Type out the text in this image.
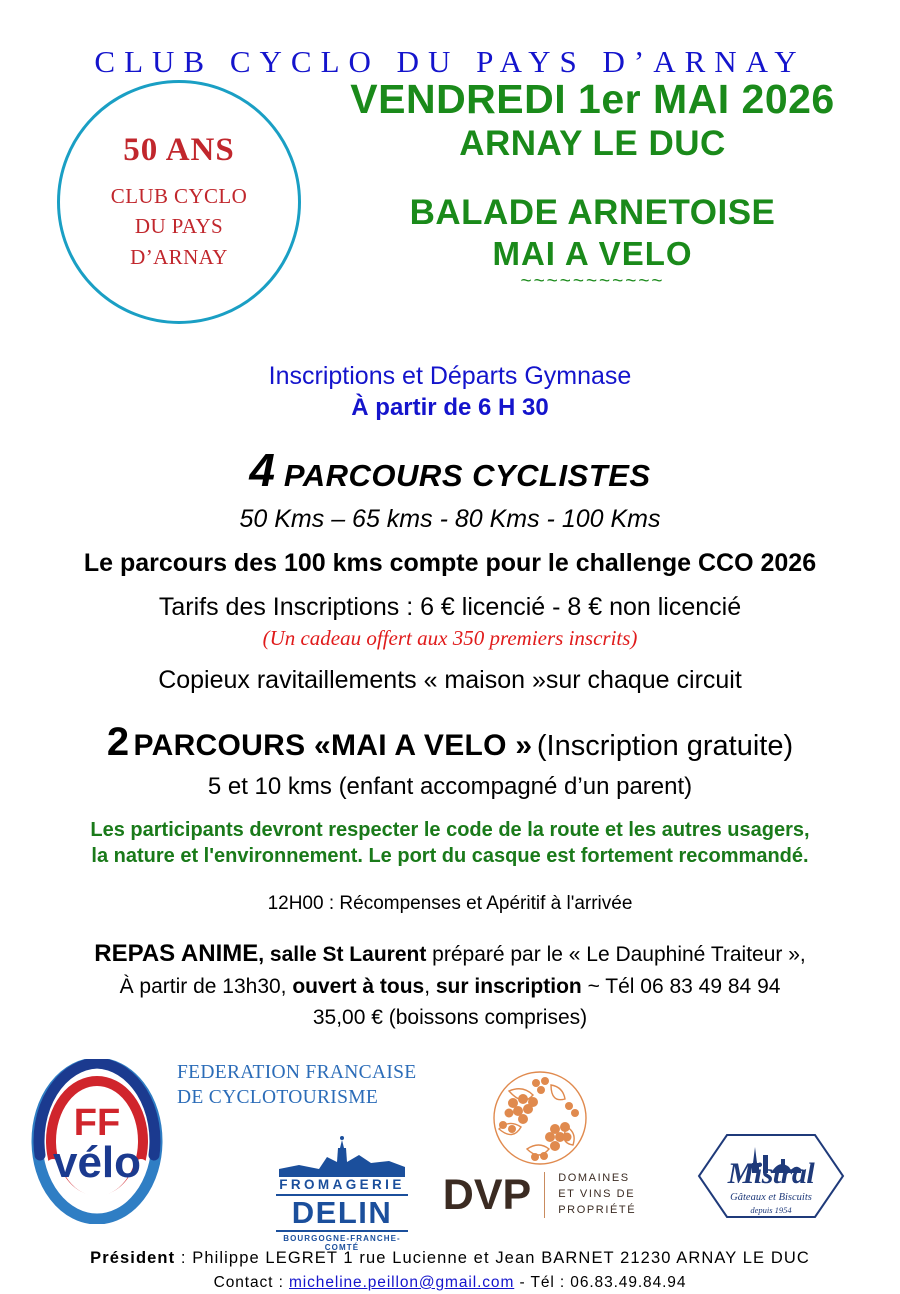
CLUB CYCLO DU PAYS D’ARNAY
50 ANS
CLUB CYCLO
DU PAYS
D’ARNAY
VENDREDI 1er MAI 2026
ARNAY LE DUC
BALADE ARNETOISE
MAI A VELO
~~~~~~~~~~~
Inscriptions et Départs Gymnase
À partir de 6 H 30
4 PARCOURS CYCLISTES
50 Kms – 65 kms - 80 Kms - 100 Kms
Le parcours des 100 kms compte pour le challenge CCO 2026
Tarifs des Inscriptions : 6 € licencié - 8 € non licencié
(Un cadeau offert aux 350 premiers inscrits)
Copieux ravitaillements « maison »sur chaque circuit
2 PARCOURS «MAI A VELO » (Inscription gratuite)
5 et 10 kms (enfant accompagné d’un parent)
Les participants devront respecter le code de la route et les autres usagers,
la nature et l'environnement. Le port du casque est fortement recommandé.
12H00 : Récompenses et Apéritif à l'arrivée
REPAS ANIME, salle St Laurent préparé par le « Le Dauphiné Traiteur »,
À partir de 13h30, ouvert à tous, sur inscription ~ Tél 06 83 49 84 94
35,00 € (boissons comprises)
FF
vélo
FEDERATION FRANCAISE
DE CYCLOTOURISME
FROMAGERIE
DELIN
BOURGOGNE-FRANCHE-COMTÉ
DVP DOMAINES
ET VINS DE
PROPRIÉTÉ
Mistral
Gâteaux et Biscuits
depuis 1954
Président : Philippe LEGRET 1 rue Lucienne et Jean BARNET 21230 ARNAY LE DUC
Contact : micheline.peillon@gmail.com - Tél : 06.83.49.84.94
